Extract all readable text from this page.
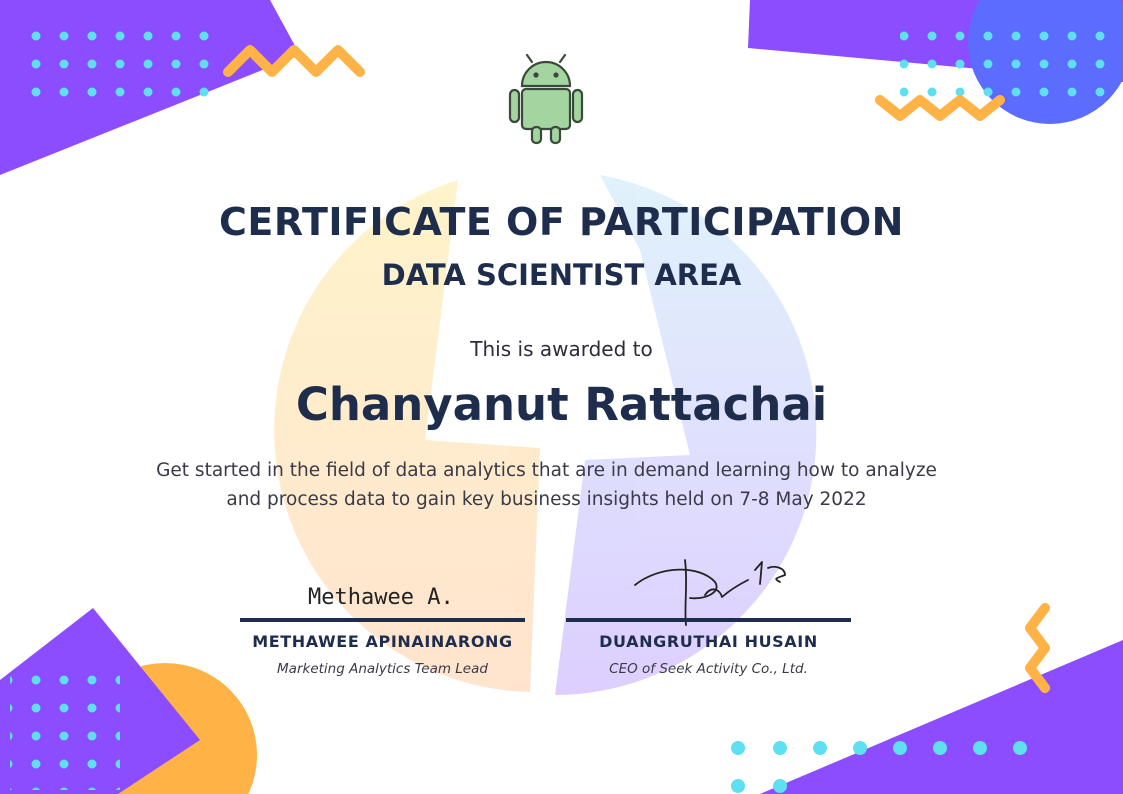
CERTIFICATE OF PARTICIPATION
DATA SCIENTIST AREA
This is awarded to
Chanyanut Rattachai
Get started in the field of data analytics that are in demand learning how to analyze and process data to gain key business insights held on 7-8 May 2022
Methawee A.
METHAWEE APINAINARONG
Marketing Analytics Team Lead
DUANGRUTHAI HUSAIN
CEO of Seek Activity Co., Ltd.
